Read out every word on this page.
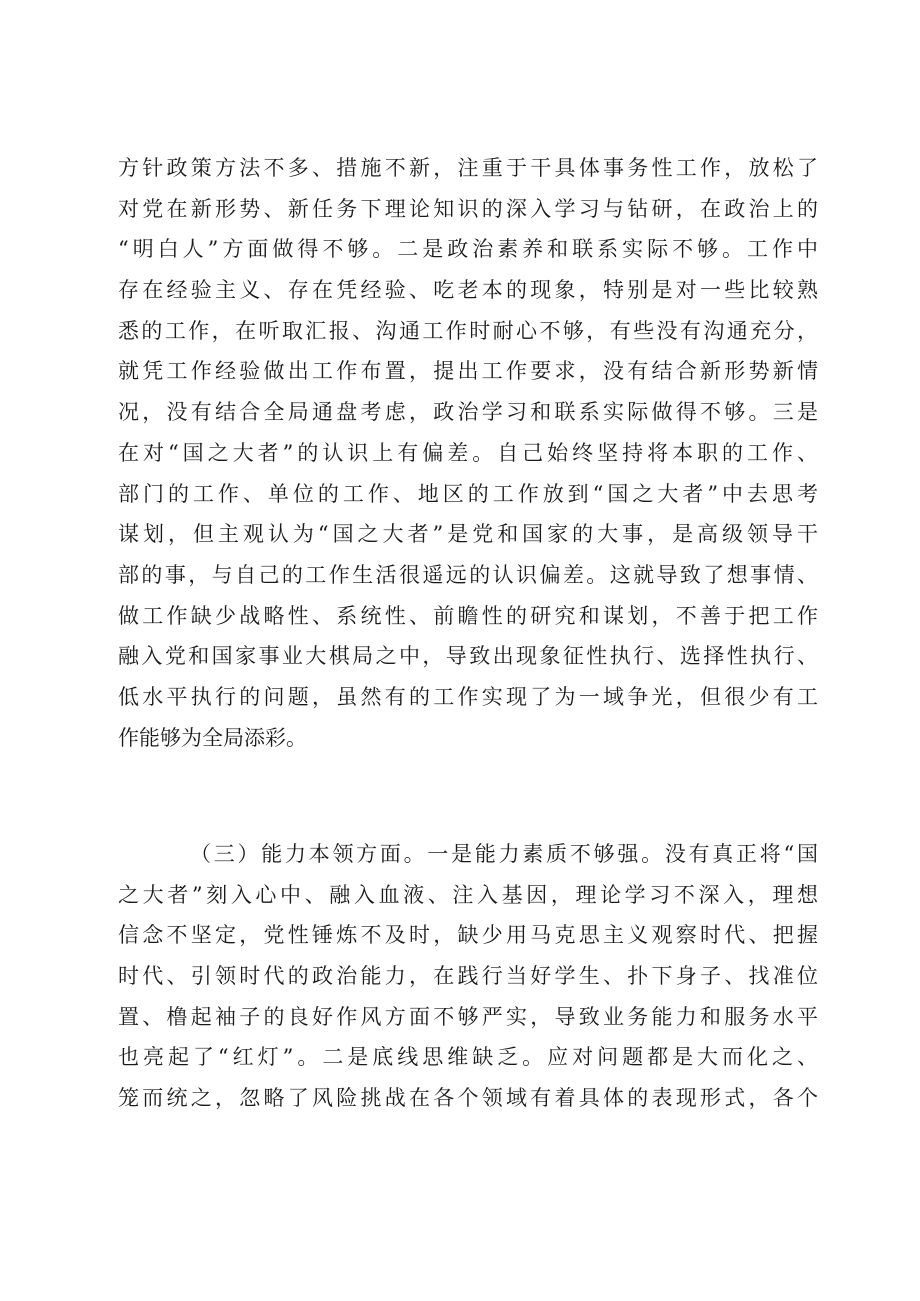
方针政策方法不多、措施不新，注重于干具体事务性工作，放松了
对党在新形势、新任务下理论知识的深入学习与钻研，在政治上的
“明白人”方面做得不够。二是政治素养和联系实际不够。工作中
存在经验主义、存在凭经验、吃老本的现象，特别是对一些比较熟
悉的工作，在听取汇报、沟通工作时耐心不够，有些没有沟通充分，
就凭工作经验做出工作布置，提出工作要求，没有结合新形势新情
况，没有结合全局通盘考虑，政治学习和联系实际做得不够。三是
在对“国之大者”的认识上有偏差。自己始终坚持将本职的工作、
部门的工作、单位的工作、地区的工作放到“国之大者”中去思考
谋划，但主观认为“国之大者”是党和国家的大事，是高级领导干
部的事，与自己的工作生活很遥远的认识偏差。这就导致了想事情、
做工作缺少战略性、系统性、前瞻性的研究和谋划，不善于把工作
融入党和国家事业大棋局之中，导致出现象征性执行、选择性执行、
低水平执行的问题，虽然有的工作实现了为一域争光，但很少有工
作能够为全局添彩。
（三）能力本领方面。一是能力素质不够强。没有真正将“国
之大者”刻入心中、融入血液、注入基因，理论学习不深入，理想
信念不坚定，党性锤炼不及时，缺少用马克思主义观察时代、把握
时代、引领时代的政治能力，在践行当好学生、扑下身子、找准位
置、橹起袖子的良好作风方面不够严实，导致业务能力和服务水平
也亮起了“红灯”。二是底线思维缺乏。应对问题都是大而化之、
笼而统之，忽略了风险挑战在各个领域有着具体的表现形式，各个
